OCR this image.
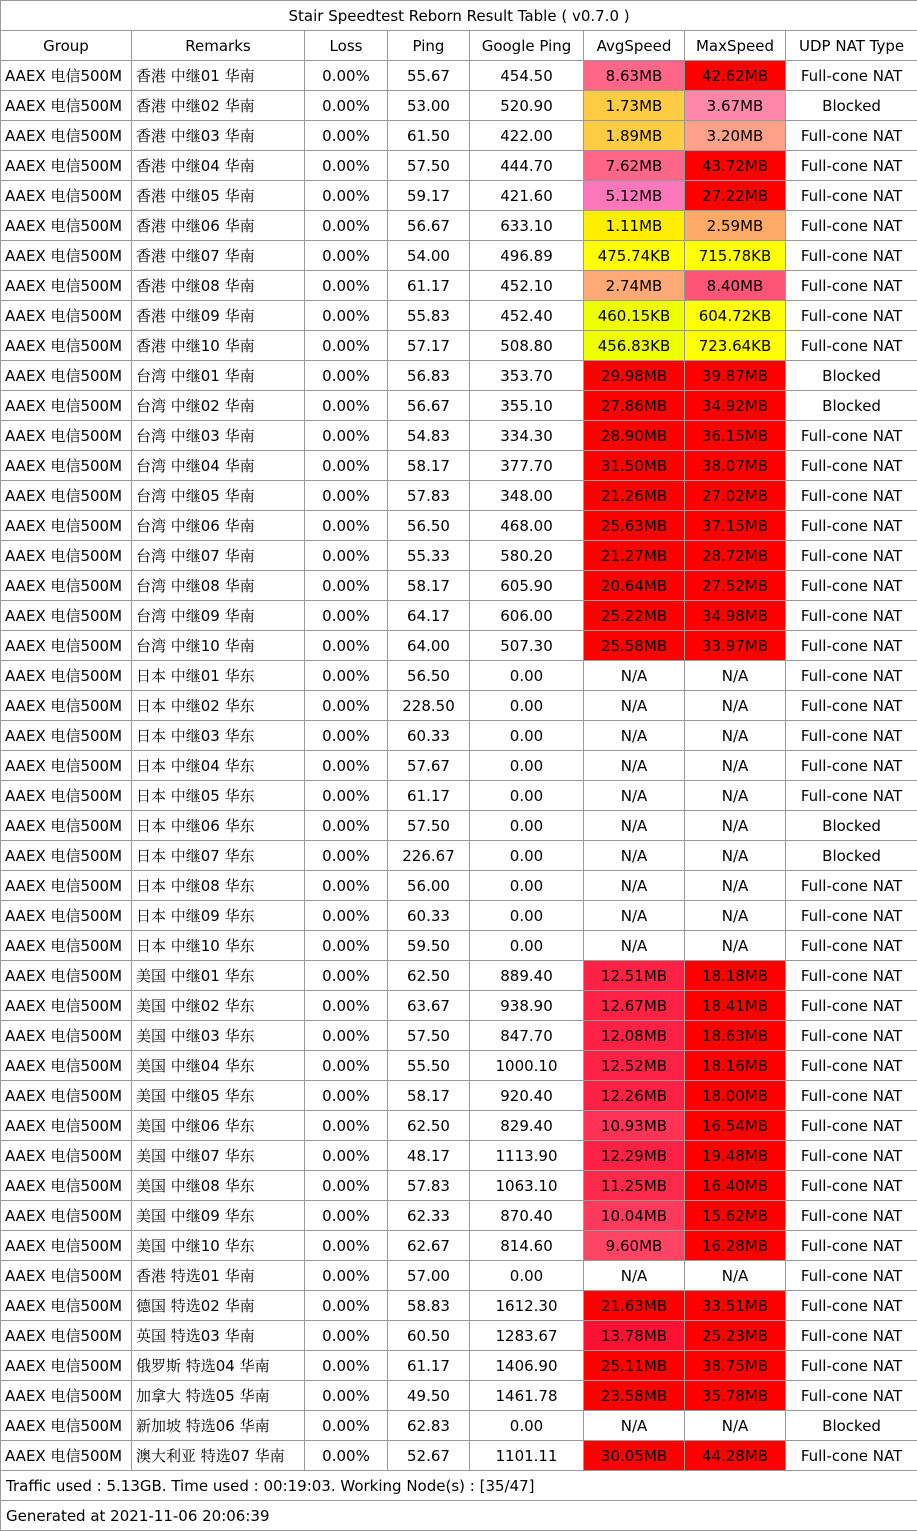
Stair Speedtest Reborn Result Table ( v0.7.0 )							
Group	Remarks	Loss	Ping	Google Ping	AvgSpeed	MaxSpeed	UDP NAT Type
AAEX 电信500M	香港 中继01 华南	0.00%	55.67	454.50	8.63MB	42.62MB	Full-cone NAT
AAEX 电信500M	香港 中继02 华南	0.00%	53.00	520.90	1.73MB	3.67MB	Blocked
AAEX 电信500M	香港 中继03 华南	0.00%	61.50	422.00	1.89MB	3.20MB	Full-cone NAT
AAEX 电信500M	香港 中继04 华南	0.00%	57.50	444.70	7.62MB	43.72MB	Full-cone NAT
AAEX 电信500M	香港 中继05 华南	0.00%	59.17	421.60	5.12MB	27.22MB	Full-cone NAT
AAEX 电信500M	香港 中继06 华南	0.00%	56.67	633.10	1.11MB	2.59MB	Full-cone NAT
AAEX 电信500M	香港 中继07 华南	0.00%	54.00	496.89	475.74KB	715.78KB	Full-cone NAT
AAEX 电信500M	香港 中继08 华南	0.00%	61.17	452.10	2.74MB	8.40MB	Full-cone NAT
AAEX 电信500M	香港 中继09 华南	0.00%	55.83	452.40	460.15KB	604.72KB	Full-cone NAT
AAEX 电信500M	香港 中继10 华南	0.00%	57.17	508.80	456.83KB	723.64KB	Full-cone NAT
AAEX 电信500M	台湾 中继01 华南	0.00%	56.83	353.70	29.98MB	39.87MB	Blocked
AAEX 电信500M	台湾 中继02 华南	0.00%	56.67	355.10	27.86MB	34.92MB	Blocked
AAEX 电信500M	台湾 中继03 华南	0.00%	54.83	334.30	28.90MB	36.15MB	Full-cone NAT
AAEX 电信500M	台湾 中继04 华南	0.00%	58.17	377.70	31.50MB	38.07MB	Full-cone NAT
AAEX 电信500M	台湾 中继05 华南	0.00%	57.83	348.00	21.26MB	27.02MB	Full-cone NAT
AAEX 电信500M	台湾 中继06 华南	0.00%	56.50	468.00	25.63MB	37.15MB	Full-cone NAT
AAEX 电信500M	台湾 中继07 华南	0.00%	55.33	580.20	21.27MB	28.72MB	Full-cone NAT
AAEX 电信500M	台湾 中继08 华南	0.00%	58.17	605.90	20.64MB	27.52MB	Full-cone NAT
AAEX 电信500M	台湾 中继09 华南	0.00%	64.17	606.00	25.22MB	34.98MB	Full-cone NAT
AAEX 电信500M	台湾 中继10 华南	0.00%	64.00	507.30	25.58MB	33.97MB	Full-cone NAT
AAEX 电信500M	日本 中继01 华东	0.00%	56.50	0.00	N/A	N/A	Full-cone NAT
AAEX 电信500M	日本 中继02 华东	0.00%	228.50	0.00	N/A	N/A	Full-cone NAT
AAEX 电信500M	日本 中继03 华东	0.00%	60.33	0.00	N/A	N/A	Full-cone NAT
AAEX 电信500M	日本 中继04 华东	0.00%	57.67	0.00	N/A	N/A	Full-cone NAT
AAEX 电信500M	日本 中继05 华东	0.00%	61.17	0.00	N/A	N/A	Full-cone NAT
AAEX 电信500M	日本 中继06 华东	0.00%	57.50	0.00	N/A	N/A	Blocked
AAEX 电信500M	日本 中继07 华东	0.00%	226.67	0.00	N/A	N/A	Blocked
AAEX 电信500M	日本 中继08 华东	0.00%	56.00	0.00	N/A	N/A	Full-cone NAT
AAEX 电信500M	日本 中继09 华东	0.00%	60.33	0.00	N/A	N/A	Full-cone NAT
AAEX 电信500M	日本 中继10 华东	0.00%	59.50	0.00	N/A	N/A	Full-cone NAT
AAEX 电信500M	美国 中继01 华东	0.00%	62.50	889.40	12.51MB	18.18MB	Full-cone NAT
AAEX 电信500M	美国 中继02 华东	0.00%	63.67	938.90	12.67MB	18.41MB	Full-cone NAT
AAEX 电信500M	美国 中继03 华东	0.00%	57.50	847.70	12.08MB	18.63MB	Full-cone NAT
AAEX 电信500M	美国 中继04 华东	0.00%	55.50	1000.10	12.52MB	18.16MB	Full-cone NAT
AAEX 电信500M	美国 中继05 华东	0.00%	58.17	920.40	12.26MB	18.00MB	Full-cone NAT
AAEX 电信500M	美国 中继06 华东	0.00%	62.50	829.40	10.93MB	16.54MB	Full-cone NAT
AAEX 电信500M	美国 中继07 华东	0.00%	48.17	1113.90	12.29MB	19.48MB	Full-cone NAT
AAEX 电信500M	美国 中继08 华东	0.00%	57.83	1063.10	11.25MB	16.40MB	Full-cone NAT
AAEX 电信500M	美国 中继09 华东	0.00%	62.33	870.40	10.04MB	15.62MB	Full-cone NAT
AAEX 电信500M	美国 中继10 华东	0.00%	62.67	814.60	9.60MB	16.28MB	Full-cone NAT
AAEX 电信500M	香港 特选01 华南	0.00%	57.00	0.00	N/A	N/A	Full-cone NAT
AAEX 电信500M	德国 特选02 华南	0.00%	58.83	1612.30	21.63MB	33.51MB	Full-cone NAT
AAEX 电信500M	英国 特选03 华南	0.00%	60.50	1283.67	13.78MB	25.23MB	Full-cone NAT
AAEX 电信500M	俄罗斯 特选04 华南	0.00%	61.17	1406.90	25.11MB	38.75MB	Full-cone NAT
AAEX 电信500M	加拿大 特选05 华南	0.00%	49.50	1461.78	23.58MB	35.78MB	Full-cone NAT
AAEX 电信500M	新加坡 特选06 华南	0.00%	62.83	0.00	N/A	N/A	Blocked
AAEX 电信500M	澳大利亚 特选07 华南	0.00%	52.67	1101.11	30.05MB	44.28MB	Full-cone NAT
Traffic used : 5.13GB. Time used : 00:19:03. Working Node(s) : [35/47]							
Generated at 2021-11-06 20:06:39							
